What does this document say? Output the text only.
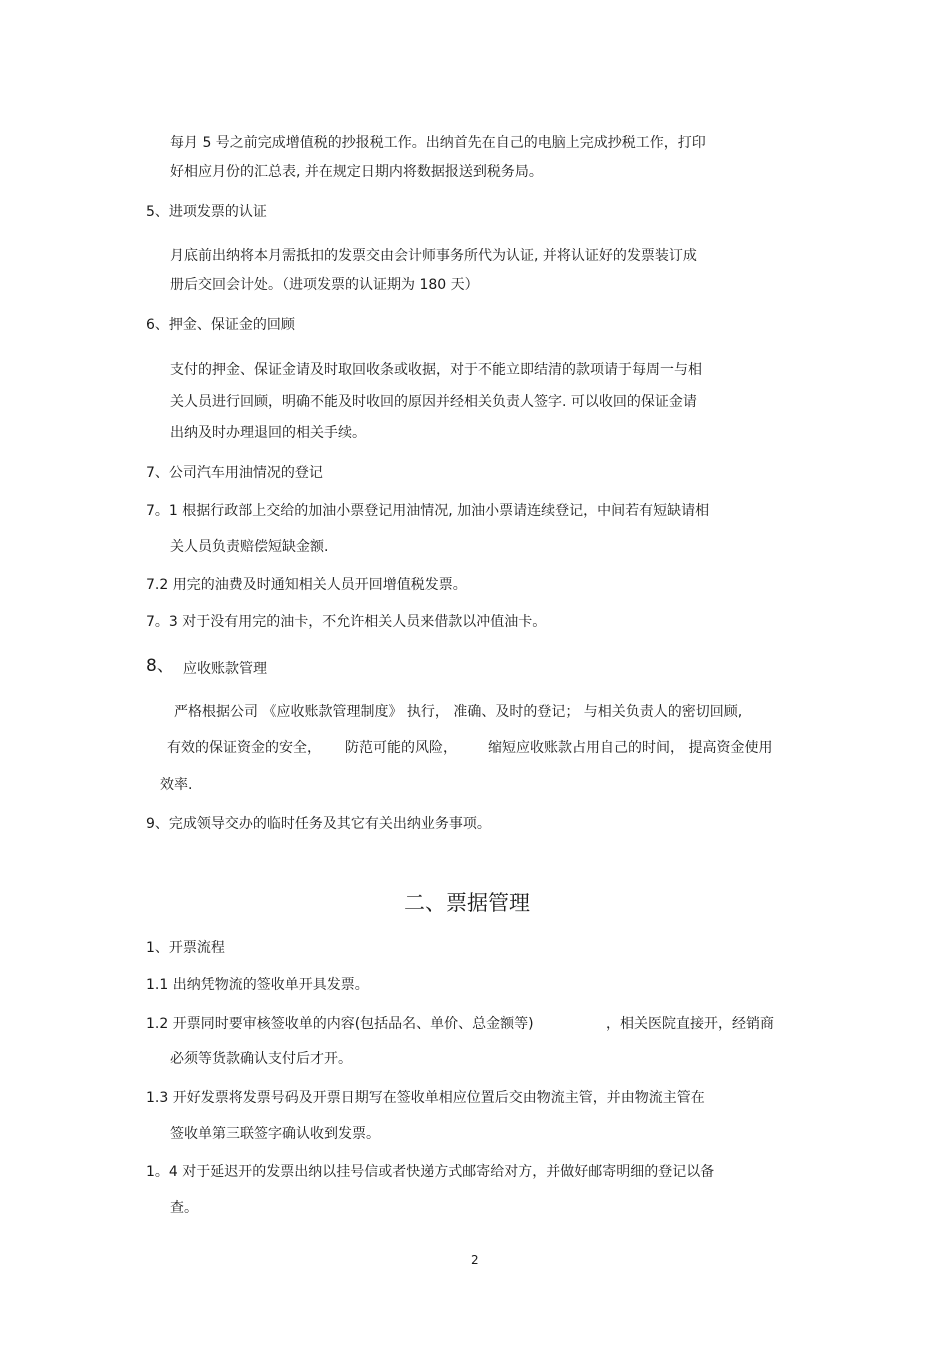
每月 5 号之前完成增值税的抄报税工作。出纳首先在自己的电脑上完成抄税工作，打印
好相应月份的汇总表, 并在规定日期内将数据报送到税务局。
5、进项发票的认证
月底前出纳将本月需抵扣的发票交由会计师事务所代为认证, 并将认证好的发票装订成
册后交回会计处。（进项发票的认证期为 180 天）
6、押金、保证金的回顾
支付的押金、保证金请及时取回收条或收据，对于不能立即结清的款项请于每周一与相
关人员进行回顾，明确不能及时收回的原因并经相关负责人签字. 可以收回的保证金请
出纳及时办理退回的相关手续。
7、公司汽车用油情况的登记
7。1 根据行政部上交给的加油小票登记用油情况, 加油小票请连续登记，中间若有短缺请相
关人员负责赔偿短缺金额.
7.2 用完的油费及时通知相关人员开回增值税发票。
7。3 对于没有用完的油卡，不允许相关人员来借款以冲值油卡。
8、 应收账款管理
严格根据公司 《应收账款管理制度》 执行， 准确、及时的登记； 与相关负责人的密切回顾,
有效的保证资金的安全， 防范可能的风险， 缩短应收账款占用自己的时间， 提高资金使用
效率.
9、完成领导交办的临时任务及其它有关出纳业务事项。
二、票据管理
1、开票流程
1.1 出纳凭物流的签收单开具发票。
1.2 开票同时要审核签收单的内容(包括品名、单价、总金额等)	，相关医院直接开，经销商
必须等货款确认支付后才开。
1.3 开好发票将发票号码及开票日期写在签收单相应位置后交由物流主管，并由物流主管在
签收单第三联签字确认收到发票。
1。4 对于延迟开的发票出纳以挂号信或者快递方式邮寄给对方，并做好邮寄明细的登记以备
查。
2
